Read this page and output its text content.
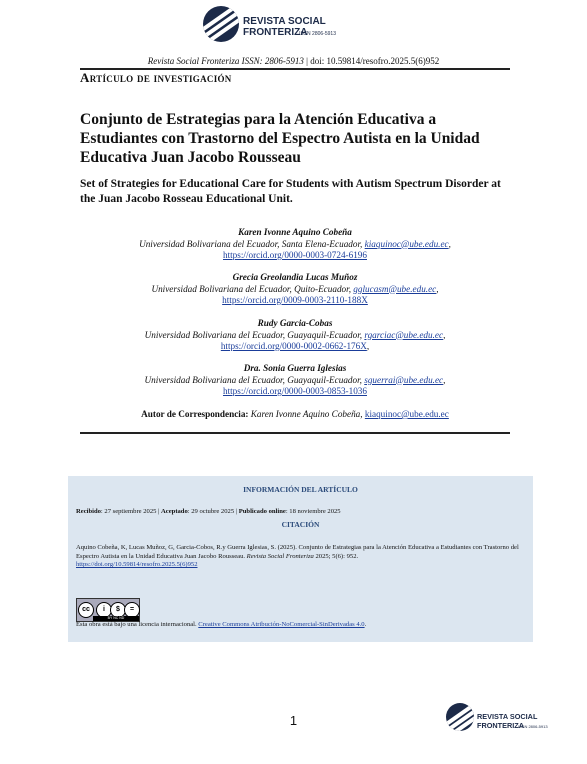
REVISTA SOCIAL FRONTERIZA
ISSN 2806-5913
Revista Social Fronteriza ISSN: 2806-5913 | doi: 10.59814/resofro.2025.5(6)952
Artículo de investigación
Conjunto de Estrategias para la Atención Educativa a Estudiantes con Trastorno del Espectro Autista en la Unidad Educativa Juan Jacobo Rousseau
Set of Strategies for Educational Care for Students with Autism Spectrum Disorder at the Juan Jacobo Rosseau Educational Unit.
Karen Ivonne Aquino Cobeña
Universidad Bolivariana del Ecuador, Santa Elena-Ecuador, kiaquinoc@ube.edu.ec,
https://orcid.org/0000-0003-0724-6196
Grecia Greolandia Lucas Muñoz
Universidad Bolivariana del Ecuador, Quito-Ecuador, gglucasm@ube.edu.ec,
https://orcid.org/0009-0003-2110-188X
Rudy Garcia-Cobas
Universidad Bolivariana del Ecuador, Guayaquil-Ecuador, rgarciac@ube.edu.ec,
https://orcid.org/0000-0002-0662-176X,
Dra. Sonia Guerra Iglesias
Universidad Bolivariana del Ecuador, Guayaquil-Ecuador, sguerrai@ube.edu.ec,
https://orcid.org/0000-0003-0853-1036
Autor de Correspondencia: Karen Ivonne Aquino Cobeña, kiaquinoc@ube.edu.ec
INFORMACIÓN DEL ARTÍCULO
Recibido: 27 septiembre 2025 | Aceptado: 29 octubre 2025 | Publicado online: 18 noviembre 2025
CITACIÓN
Aquino Cobeña, K, Lucas Muñoz, G, Garcia-Cobos, R.y Guerra Iglesias, S. (2025). Conjunto de Estrategias para la Atención Educativa a Estudiantes con Trastorno del Espectro Autista en la Unidad Educativa Juan Jacobo Rousseau. Revista Social Fronteriza 2025; 5(6): 952.
https://doi.org/10.59814/resofro.2025.5(6)952
cc	i	$	=
BY NC ND
Esta obra está bajo una licencia internacional. Creative Commons Atribución-NoComercial-SinDerivadas 4.0.
1	REVISTA SOCIAL FRONTERIZA
ISSN 2806-5913
